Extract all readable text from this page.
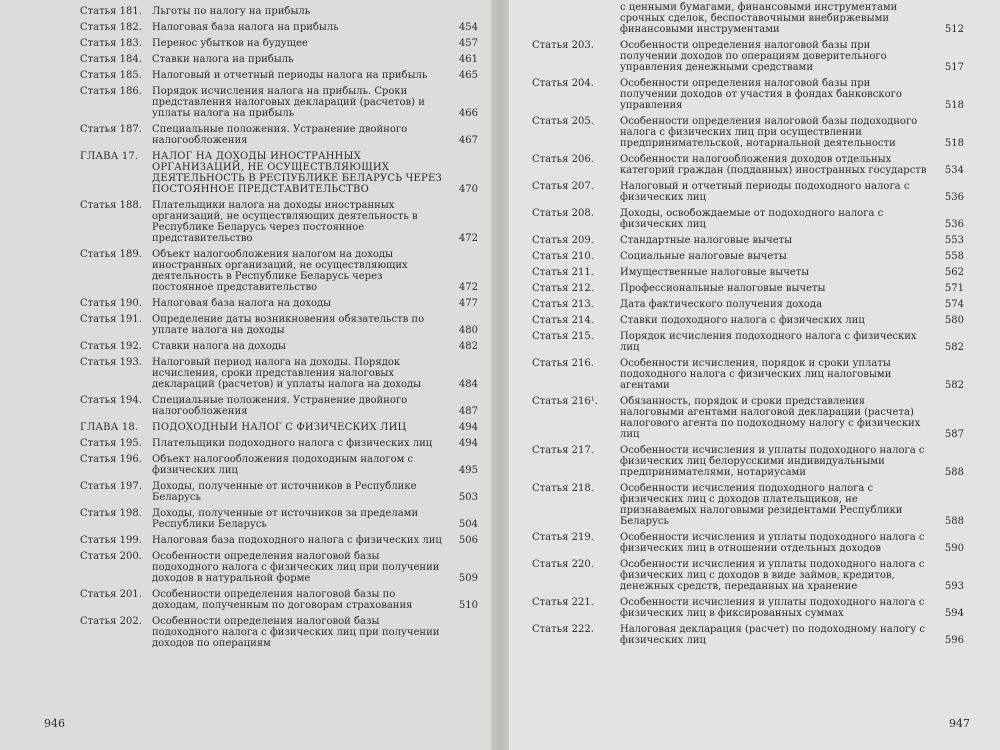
Статья 181.	Льготы по налогу на прибыль
Статья 182.	Налоговая база налога на прибыль	454
Статья 183.	Перенос убытков на будущее	457
Статья 184.	Ставки налога на прибыль	461
Статья 185.	Налоговый и отчетный периоды налога на прибыль	465
Статья 186.	Порядок исчисления налога на прибыль. Сроки представления налоговых деклараций (расчетов) и уплаты налога на прибыль	466
Статья 187.	Специальные положения. Устранение двойного налогообложения	467
ГЛАВА 17.	НАЛОГ НА ДОХОДЫ ИНОСТРАННЫХ ОРГАНИЗАЦИЙ, НЕ ОСУЩЕСТВЛЯЮЩИХ ДЕЯТЕЛЬНОСТЬ В РЕСПУБЛИКЕ БЕЛАРУСЬ ЧЕРЕЗ ПОСТОЯННОЕ ПРЕДСТАВИТЕЛЬСТВО	470
Статья 188.	Плательщики налога на доходы иностранных организаций, не осуществляющих деятельность в Республике Беларусь через постоянное представительство	472
Статья 189.	Объект налогообложения налогом на доходы иностранных организаций, не осуществляющих деятельность в Республике Беларусь через постоянное представительство	472
Статья 190.	Налоговая база налога на доходы	477
Статья 191.	Определение даты возникновения обязательств по уплате налога на доходы	480
Статья 192.	Ставки налога на доходы	482
Статья 193.	Налоговый период налога на доходы. Порядок исчисления, сроки представления налоговых деклараций (расчетов) и уплаты налога на доходы	484
Статья 194.	Специальные положения. Устранение двойного налогообложения	487
ГЛАВА 18.	ПОДОХОДНЫЙ НАЛОГ С ФИЗИЧЕСКИХ ЛИЦ	494
Статья 195.	Плательщики подоходного налога с физических лиц	494
Статья 196.	Объект налогообложения подоходным налогом с физических лиц	495
Статья 197.	Доходы, полученные от источников в Республике Беларусь	503
Статья 198.	Доходы, полученные от источников за пределами Республики Беларусь	504
Статья 199.	Налоговая база подоходного налога с физических лиц	506
Статья 200.	Особенности определения налоговой базы подоходного налога с физических лиц при получении доходов в натуральной форме	509
Статья 201.	Особенности определения налоговой базы по доходам, полученным по договорам страхования	510
Статья 202.	Особенности определения налоговой базы подоходного налога с физических лиц при получении доходов по операциям
946
с ценными бумагами, финансовыми инструментами срочных сделок, беспоставочными внебиржевыми финансовыми инструментами	512
Статья 203.	Особенности определения налоговой базы при получении доходов по операциям доверительного управления денежными средствами	517
Статья 204.	Особенности определения налоговой базы при получении доходов от участия в фондах банковского управления	518
Статья 205.	Особенности определения налоговой базы подоходного налога с физических лиц при осуществлении предпринимательской, нотариальной деятельности	518
Статья 206.	Особенности налогообложения доходов отдельных категорий граждан (подданных) иностранных государств	534
Статья 207.	Налоговый и отчетный периоды подоходного налога с физических лиц	536
Статья 208.	Доходы, освобождаемые от подоходного налога с физических лиц	536
Статья 209.	Стандартные налоговые вычеты	553
Статья 210.	Социальные налоговые вычеты	558
Статья 211.	Имущественные налоговые вычеты	562
Статья 212.	Профессиональные налоговые вычеты	571
Статья 213.	Дата фактического получения дохода	574
Статья 214.	Ставки подоходного налога с физических лиц	580
Статья 215.	Порядок исчисления подоходного налога с физических лиц	582
Статья 216.	Особенности исчисления, порядок и сроки уплаты подоходного налога с физических лиц налоговыми агентами	582
Статья 216¹.	Обязанность, порядок и сроки представления налоговыми агентами налоговой декларации (расчета) налогового агента по подоходному налогу с физических лиц	587
Статья 217.	Особенности исчисления и уплаты подоходного налога с физических лиц белорусскими индивидуальными предпринимателями, нотариусами	588
Статья 218.	Особенности исчисления подоходного налога с физических лиц с доходов плательщиков, не признаваемых налоговыми резидентами Республики Беларусь	588
Статья 219.	Особенности исчисления и уплаты подоходного налога с физических лиц в отношении отдельных доходов	590
Статья 220.	Особенности исчисления и уплаты подоходного налога с физических лиц с доходов в виде займов, кредитов, денежных средств, переданных на хранение	593
Статья 221.	Особенности исчисления и уплаты подоходного налога с физических лиц в фиксированных суммах	594
Статья 222.	Налоговая декларация (расчет) по подоходному налогу с физических лиц	596
947
